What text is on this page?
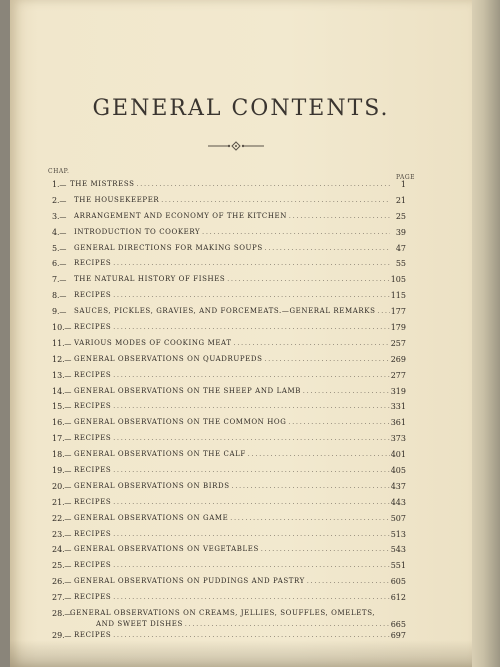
GENERAL CONTENTS.
CHAP.
PAGE
1.— THE MISTRESS . . .	1
2.— THE HOUSEKEEPER . . .	21
3.— ARRANGEMENT AND ECONOMY OF THE KITCHEN . . .	25
4.— INTRODUCTION TO COOKERY . . .	39
5.— GENERAL DIRECTIONS FOR MAKING SOUPS . . .	47
6.— RECIPES . . .	55
7.— THE NATURAL HISTORY OF FISHES . . .	105
8.— RECIPES . . .	115
9.— SAUCES, PICKLES, GRAVIES, AND FORCEMEATS.—GENERAL REMARKS . . .	177
10.— RECIPES . . .	179
11.— VARIOUS MODES OF COOKING MEAT . . .	257
12.— GENERAL OBSERVATIONS ON QUADRUPEDS . . .	269
13.— RECIPES . . .	277
14.— GENERAL OBSERVATIONS ON THE SHEEP AND LAMB . . .	319
15.— RECIPES . . .	331
16.— GENERAL OBSERVATIONS ON THE COMMON HOG . . .	361
17.— RECIPES . . .	373
18.— GENERAL OBSERVATIONS ON THE CALF . . .	401
19.— RECIPES . . .	405
20.— GENERAL OBSERVATIONS ON BIRDS . . .	437
21.— RECIPES . . .	443
22.— GENERAL OBSERVATIONS ON GAME . . .	507
23.— RECIPES . . .	513
24.— GENERAL OBSERVATIONS ON VEGETABLES . . .	543
25.— RECIPES . . .	551
26.— GENERAL OBSERVATIONS ON PUDDINGS AND PASTRY . . .	605
27.— RECIPES . . .	612
28.—
GENERAL OBSERVATIONS ON CREAMS, JELLIES, SOUFFLÉS, OMELETS,
AND SWEET DISHES . . .	665
29.— RECIPES . . .	697
